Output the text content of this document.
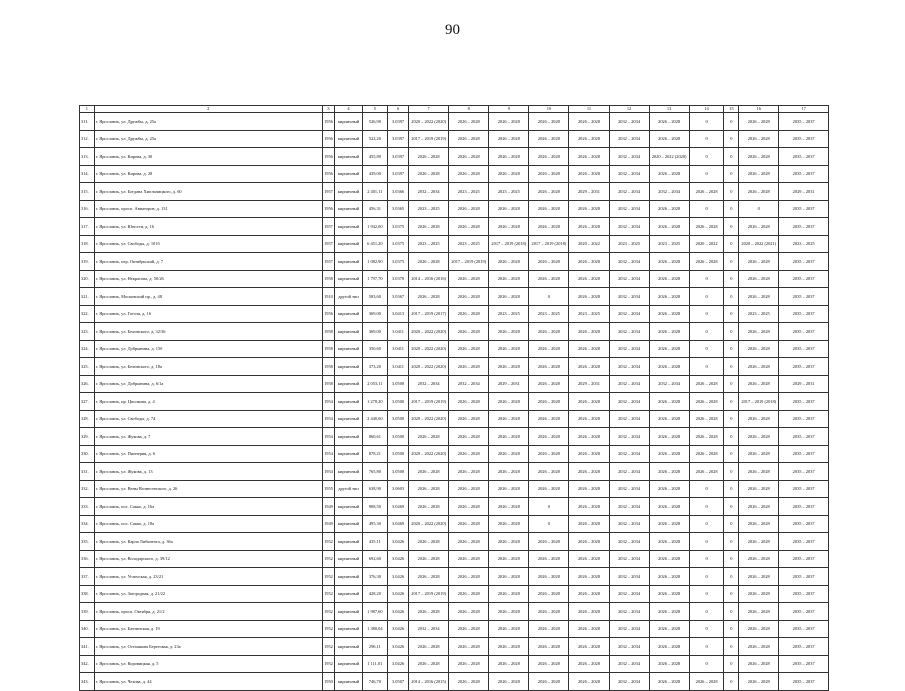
90
1	2	3	4	5	6	7	8	9	10	11	12	13	14	15	16	17
311.	г. Ярославль, ул. Дружбы, д. 25а	1956	кирпичный	526,90	3.0397	2020 – 2022 (2020)	2026 – 2028	2026 – 2028	2026 – 2028	2026 – 2028	2032 – 2034	2026 – 2028	0	0	2026 – 2028	2035 – 2037
312.	г. Ярославль, ул. Дружбы, д. 25а	1956	кирпичный	522,20	3.0397	2017 – 2019 (2019)	2026 – 2028	2026 – 2028	2026 – 2028	2026 – 2028	2032 – 2034	2026 – 2028	0	0	2026 – 2028	2035 – 2037
313.	г. Ярославль, ул. Кирова, д. 30	1956	кирпичный	455,80	3.0397	2026 – 2028	2026 – 2028	2026 – 2028	2026 – 2028	2026 – 2028	2032 – 2034	2020 – 2022 (2020)	0	0	2026 – 2028	2035 – 2037
314.	г. Ярославль, ул. Кирова, д. 28	1956	кирпичный	439,00	3.0397	2026 – 2028	2026 – 2028	2026 – 2028	2026 – 2028	2026 – 2028	2032 – 2034	2026 – 2028	0	0	2026 – 2028	2035 – 2037
315.	г. Ярославль, ул. Богдана Хмельницкого, д. 60	1957	кирпичный	2 401,11	3.0366	2032 – 2034	2023 – 2025	2023 – 2025	2026 – 2028	2029 – 2031	2032 – 2034	2032 – 2034	2026 – 2028	0	2026 – 2028	2029 – 2031
316.	г. Ярославль, просп. Авиаторов, д. 131	1956	кирпичный	456,31	3.0365	2023 – 2025	2026 – 2028	2026 – 2028	2026 – 2028	2026 – 2028	2032 – 2034	2026 – 2028	0	0	0	2035 – 2037
317.	г. Ярославль, ул. Юности, д. 16	1957	кирпичный	1 942,00	3.0375	2026 – 2028	2026 – 2028	2026 – 2028	2026 – 2028	2026 – 2028	2032 – 2034	2026 – 2028	2026 – 2028	0	2026 – 2028	2035 – 2037
318.	г. Ярославль, ул. Свободы, д. 101б	1957	кирпичный	6 451,20	3.0375	2023 – 2025	2023 – 2025	2017 – 2019 (2018)	2017 – 2019 (2018)	2020 – 2022	2023 – 2025	2023 – 2025	2020 – 2022	0	2020 – 2022 (2021)	2023 – 2025
319.	г. Ярославль, пер. Октябрьский, д. 7	1957	кирпичный	1 082,90	3.0375	2026 – 2028	2017 – 2019 (2019)	2026 – 2028	2026 – 2028	2026 – 2028	2032 – 2034	2026 – 2028	2026 – 2028	0	2026 – 2028	2035 – 2037
320.	г. Ярославль, ул. Некрасова, д. 50/26	1958	кирпичный	1 797,70	3.0378	2014 – 2016 (2016)	2026 – 2028	2026 – 2028	2026 – 2028	2026 – 2028	2032 – 2034	2026 – 2028	0	0	2026 – 2028	2035 – 2037
321.	г. Ярославль, Московский пр., д. 48	1910	другой тип	583,60	3.0367	2026 – 2028	2026 – 2028	2026 – 2028	0	2026 – 2028	2032 – 2034	2026 – 2028	0	0	2026 – 2028	2035 – 2037
322.	г. Ярославль, ул. Гоголя, д. 16	1956	кирпичный	369,00	3.0413	2017 – 2019 (2017)	2026 – 2028	2023 – 2025	2023 – 2025	2023 – 2025	2032 – 2034	2026 – 2028	0	0	2023 – 2025	2035 – 2037
323.	г. Ярославль, ул. Белинского, д. 32/36	1958	кирпичный	369,00	3.0411	2020 – 2022 (2020)	2026 – 2028	2026 – 2028	2026 – 2028	2026 – 2028	2032 – 2034	2026 – 2028	0	0	2026 – 2028	2035 – 2037
324.	г. Ярославль, ул. Добрынина, д. 15б	1958	кирпичный	350,60	3.0411	2020 – 2022 (2020)	2026 – 2028	2026 – 2028	2026 – 2028	2026 – 2028	2032 – 2034	2026 – 2028	0	0	2026 – 2028	2035 – 2037
325.	г. Ярославль, ул. Белинского, д. 18а	1958	кирпичный	373,20	3.0411	2020 – 2022 (2020)	2026 – 2028	2026 – 2028	2026 – 2028	2026 – 2028	2032 – 2034	2026 – 2028	0	0	2026 – 2028	2035 – 2037
326.	г. Ярославль, ул. Добрынина, д. 6/1а	1958	кирпичный	2 053,11	3.0500	2032 – 2034	2032 – 2034	2029 – 2031	2026 – 2028	2029 – 2031	2032 – 2034	2032 – 2034	2026 – 2028	0	2026 – 2028	2029 – 2031
327.	г. Ярославль, пр. Циолкова, д. 4	1954	кирпичный	1 278,20	3.0500	2017 – 2019 (2019)	2026 – 2028	2026 – 2028	2026 – 2028	2026 – 2028	2032 – 2034	2026 – 2028	2026 – 2028	0	2017 – 2019 (2018)	2035 – 2037
328.	г. Ярославль, ул. Свободы, д. 74	1954	кирпичный	2 440,60	3.0500	2020 – 2022 (2020)	2026 – 2028	2026 – 2028	2026 – 2028	2026 – 2028	2032 – 2034	2026 – 2028	2026 – 2028	0	2026 – 2028	2035 – 2037
329.	г. Ярославль, ул. Жукова, д. 7	1954	кирпичный	860,61	3.0500	2026 – 2028	2026 – 2028	2026 – 2028	2026 – 2028	2026 – 2028	2032 – 2034	2026 – 2028	2026 – 2028	0	2026 – 2028	2035 – 2037
330.	г. Ярославль, ул. Пионерия, д. 6	1954	кирпичный	878,21	3.0500	2020 – 2022 (2020)	2026 – 2028	2026 – 2028	2026 – 2028	2026 – 2028	2032 – 2034	2026 – 2028	2026 – 2028	0	2026 – 2028	2035 – 2037
331.	г. Ярославль, ул. Жукова, д. 13	1954	кирпичный	765,80	3.0500	2026 – 2028	2026 – 2028	2026 – 2028	2026 – 2028	2026 – 2028	2032 – 2034	2026 – 2028	2026 – 2028	0	2026 – 2028	2035 – 2037
332.	г. Ярославль, ул. Вены Вознесенского, д. 26	1955	другой тип	638,90	3.0603	2026 – 2028	2026 – 2028	2026 – 2028	2026 – 2028	2026 – 2028	2032 – 2034	2026 – 2028	0	0	2026 – 2028	2035 – 2037
333.	г. Ярославль, пос. Сакко, д. 16а	1949	кирпичный	908,50	3.0469	2026 – 2028	2026 – 2028	2026 – 2028	0	2026 – 2028	2032 – 2034	2026 – 2028	0	0	2026 – 2028	2035 – 2037
334.	г. Ярославль, пос. Сакко, д. 18а	1949	кирпичный	495,30	3.0469	2020 – 2022 (2020)	2026 – 2028	2026 – 2028	0	2026 – 2028	2032 – 2034	2026 – 2028	0	0	2026 – 2028	2035 – 2037
335.	г. Ярославль, ул. Карла Либкнехта, д. 36а	1952	кирпичный	435,11	3.0426	2026 – 2028	2026 – 2028	2026 – 2028	2026 – 2028	2026 – 2028	2032 – 2034	2026 – 2028	0	0	2026 – 2028	2035 – 2037
336.	г. Ярославль, ул. Володарского, д. 39/12	1952	кирпичный	692,60	3.0426	2026 – 2028	2026 – 2028	2026 – 2028	2026 – 2028	2026 – 2028	2032 – 2034	2026 – 2028	0	0	2026 – 2028	2035 – 2037
337.	г. Ярославль, ул. Угличская, д. 23/21	1952	кирпичный	376,30	3.0426	2026 – 2028	2026 – 2028	2026 – 2028	2026 – 2028	2026 – 2028	2032 – 2034	2026 – 2028	0	0	2026 – 2028	2035 – 2037
338.	г. Ярославль, ул. Загородная, д. 21/22	1952	кирпичный	428,20	3.0426	2017 – 2019 (2019)	2026 – 2028	2026 – 2028	2026 – 2028	2026 – 2028	2032 – 2034	2026 – 2028	0	0	2026 – 2028	2035 – 2037
339.	г. Ярославль, просп. Октября, д. 21/2	1952	кирпичный	1 987,60	3.0426	2026 – 2028	2026 – 2028	2026 – 2028	2026 – 2028	2026 – 2028	2032 – 2034	2026 – 2028	0	0	2026 – 2028	2035 – 2037
340.	г. Ярославль, ул. Бахтинская, д. 19	1952	кирпичный	1 380,04	3.0426	2032 – 2034	2026 – 2028	2026 – 2028	2026 – 2028	2026 – 2028	2032 – 2034	2026 – 2028	0	0	2026 – 2028	2035 – 2037
341.	г. Ярославль, ул. Осташкова Береговая, д. 23а	1952	кирпичный	296,11	3.0426	2026 – 2028	2026 – 2028	2026 – 2028	2026 – 2028	2026 – 2028	2032 – 2034	2026 – 2028	0	0	2026 – 2028	2035 – 2037
342.	г. Ярославль, ул. Коровицкая, д. 5	1952	кирпичный	1 111,01	3.0426	2026 – 2028	2026 – 2028	2026 – 2028	2026 – 2028	2026 – 2028	2032 – 2034	2026 – 2028	0	0	2026 – 2028	2035 – 2037
343.	г. Ярославль, ул. Чехова, д. 44	1950	кирпичный	746,70	3.0507	2014 – 2016 (2015)	2026 – 2028	2026 – 2028	2026 – 2028	2026 – 2028	2032 – 2034	2026 – 2028	2026 – 2028	0	2026 – 2028	2035 – 2037
